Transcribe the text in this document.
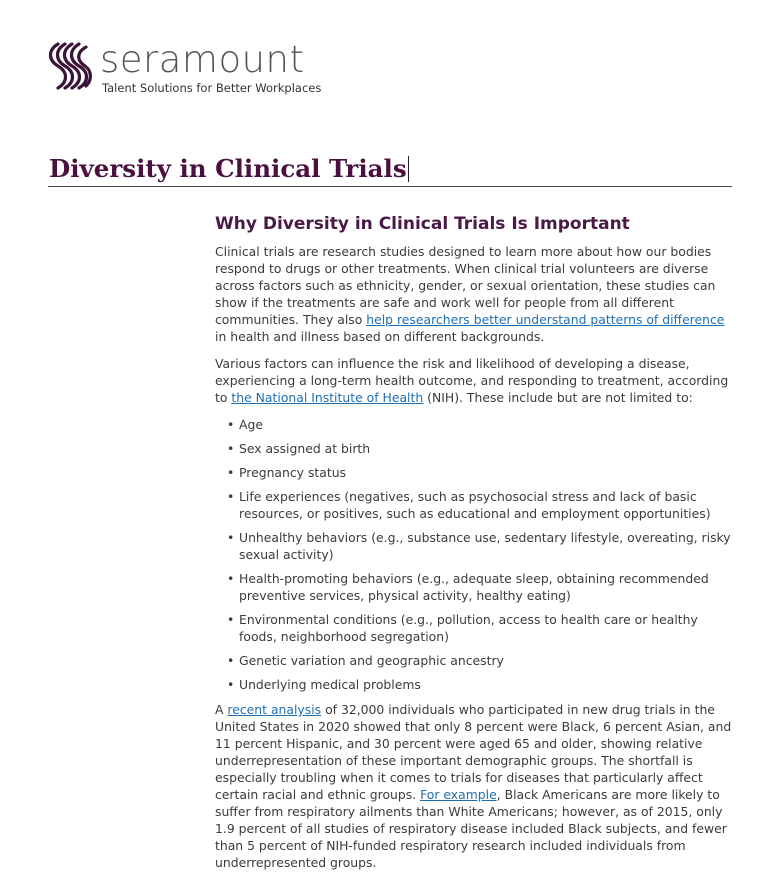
seramount
Talent Solutions for Better Workplaces
Diversity in Clinical Trials
Why Diversity in Clinical Trials Is Important

Clinical trials are research studies designed to learn more about how our bodies respond to drugs or other treatments. When clinical trial volunteers are diverse across factors such as ethnicity, gender, or sexual orientation, these studies can show if the treatments are safe and work well for people from all different communities. They also help researchers better understand patterns of difference in health and illness based on different backgrounds.

Various factors can influence the risk and likelihood of developing a disease, experiencing a long-term health outcome, and responding to treatment, according to the National Institute of Health (NIH). These include but are not limited to:

• Age
• Sex assigned at birth
• Pregnancy status
• Life experiences (negatives, such as psychosocial stress and lack of basic resources, or positives, such as educational and employment opportunities)
• Unhealthy behaviors (e.g., substance use, sedentary lifestyle, overeating, risky sexual activity)
• Health-promoting behaviors (e.g., adequate sleep, obtaining recommended preventive services, physical activity, healthy eating)
• Environmental conditions (e.g., pollution, access to health care or healthy foods, neighborhood segregation)
• Genetic variation and geographic ancestry
• Underlying medical problems

A recent analysis of 32,000 individuals who participated in new drug trials in the United States in 2020 showed that only 8 percent were Black, 6 percent Asian, and 11 percent Hispanic, and 30 percent were aged 65 and older, showing relative underrepresentation of these important demographic groups. The shortfall is especially troubling when it comes to trials for diseases that particularly affect certain racial and ethnic groups. For example, Black Americans are more likely to suffer from respiratory ailments than White Americans; however, as of 2015, only 1.9 percent of all studies of respiratory disease included Black subjects, and fewer than 5 percent of NIH-funded respiratory research included individuals from underrepresented groups.
